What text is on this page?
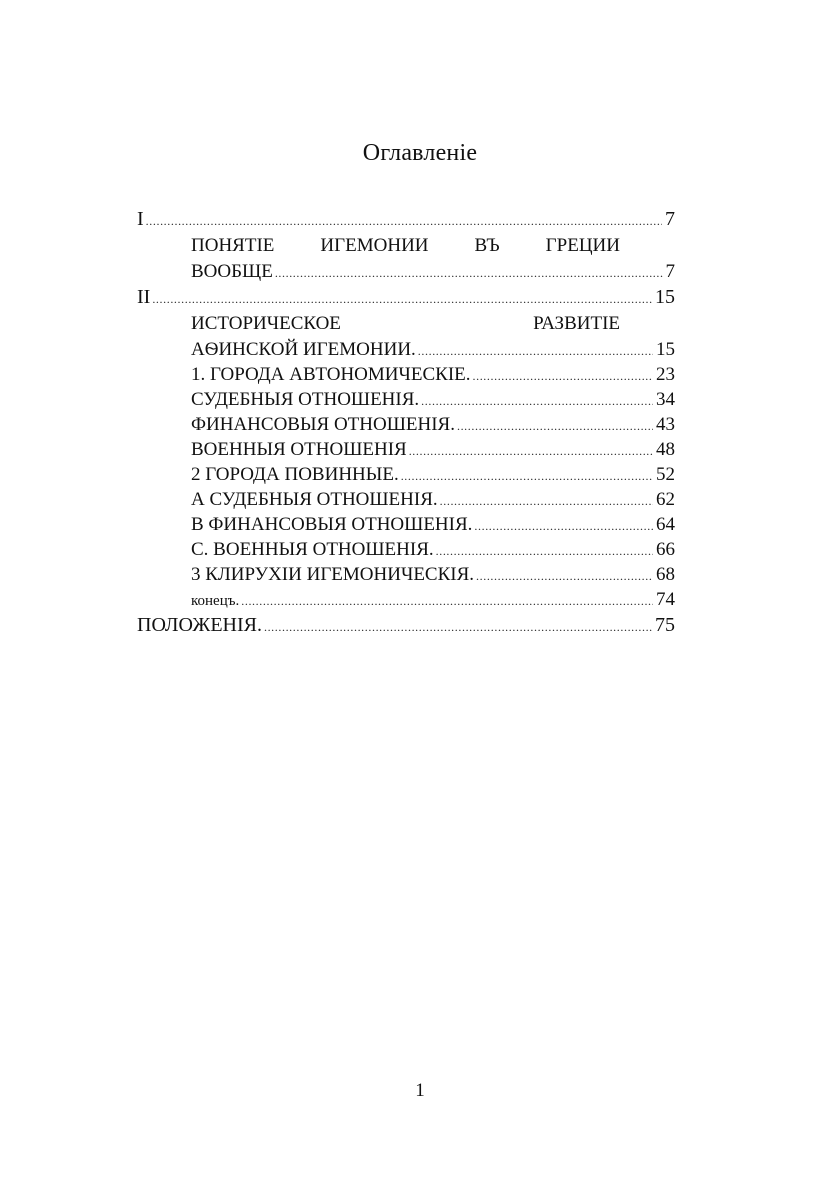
Оглавленіе
I .....	7
ПОНЯТІЕ ИГЕМОНИИ ВЪ ГРЕЦИИ
ВООБЩЕ .....	7
II .....	15
ИСТОРИЧЕСКОЕ РАЗВИТІЕ
АѲИНСКОЙ ИГЕМОНИИ. .....	15
1. ГОРОДА АВТОНОМИЧЕСКІЕ. .....	23
СУДЕБНЫЯ ОТНОШЕНІЯ. .....	34
ФИНАНСОВЫЯ ОТНОШЕНІЯ. .....	43
ВОЕННЫЯ ОТНОШЕНІЯ .....	48
2 ГОРОДА ПОВИННЫЕ. .....	52
А СУДЕБНЫЯ ОТНОШЕНІЯ. .....	62
В ФИНАНСОВЫЯ ОТНОШЕНІЯ. .....	64
С. ВОЕННЫЯ ОТНОШЕНІЯ. .....	66
3 КЛИРУХІИ ИГЕМОНИЧЕСКІЯ. .....	68
конецъ. .....	74
ПОЛОЖЕНІЯ. .....	75
1
